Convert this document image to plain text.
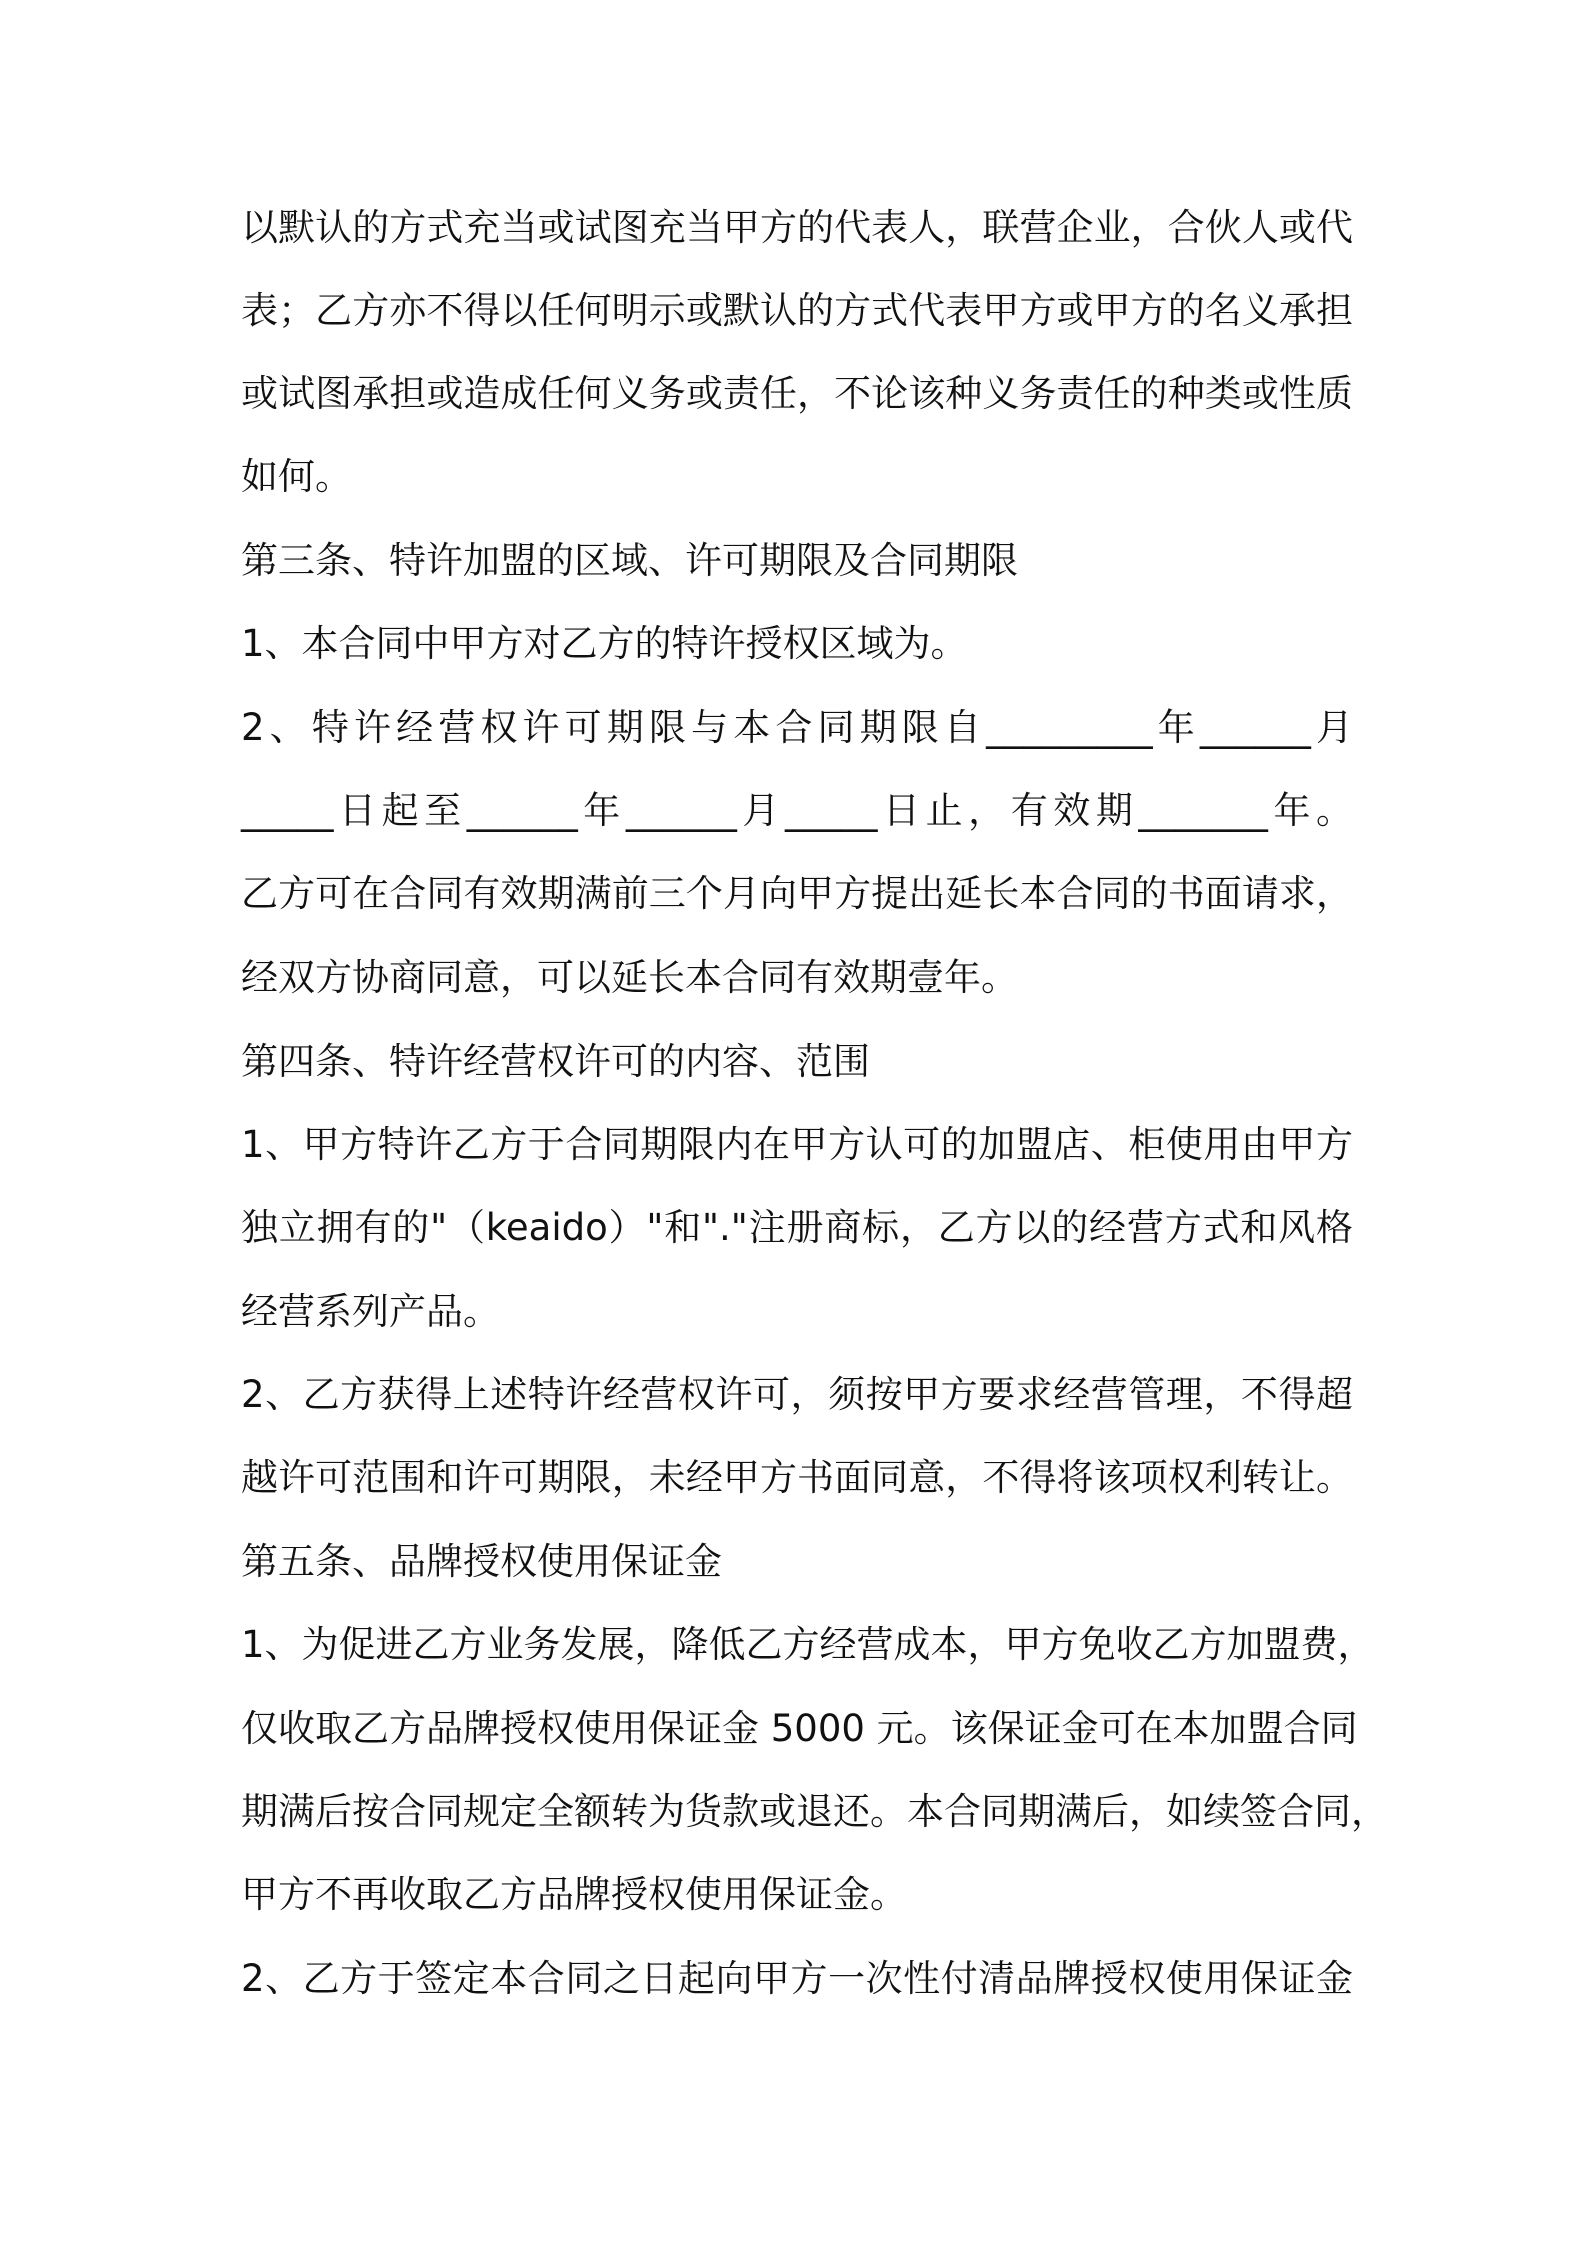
以默认的方式充当或试图充当甲方的代表人，联营企业，合伙人或代

表；乙方亦不得以任何明示或默认的方式代表甲方或甲方的名义承担

或试图承担或造成任何义务或责任，不论该种义务责任的种类或性质

如何。

第三条、特许加盟的区域、许可期限及合同期限

1、本合同中甲方对乙方的特许授权区域为。

2、特许经营权许可期限与本合同期限自_________年______月

_____日起至______年______月_____日止，有效期_______年。

乙方可在合同有效期满前三个月向甲方提出延长本合同的书面请求，

经双方协商同意，可以延长本合同有效期壹年。

第四条、特许经营权许可的内容、范围

1、甲方特许乙方于合同期限内在甲方认可的加盟店、柜使用由甲方

独立拥有的"（keaido）"和"."注册商标，乙方以的经营方式和风格

经营系列产品。

2、乙方获得上述特许经营权许可，须按甲方要求经营管理，不得超

越许可范围和许可期限，未经甲方书面同意，不得将该项权利转让。

第五条、品牌授权使用保证金

1、为促进乙方业务发展，降低乙方经营成本，甲方免收乙方加盟费，

仅收取乙方品牌授权使用保证金 5000 元。该保证金可在本加盟合同

期满后按合同规定全额转为货款或退还。本合同期满后，如续签合同，

甲方不再收取乙方品牌授权使用保证金。

2、乙方于签定本合同之日起向甲方一次性付清品牌授权使用保证金
